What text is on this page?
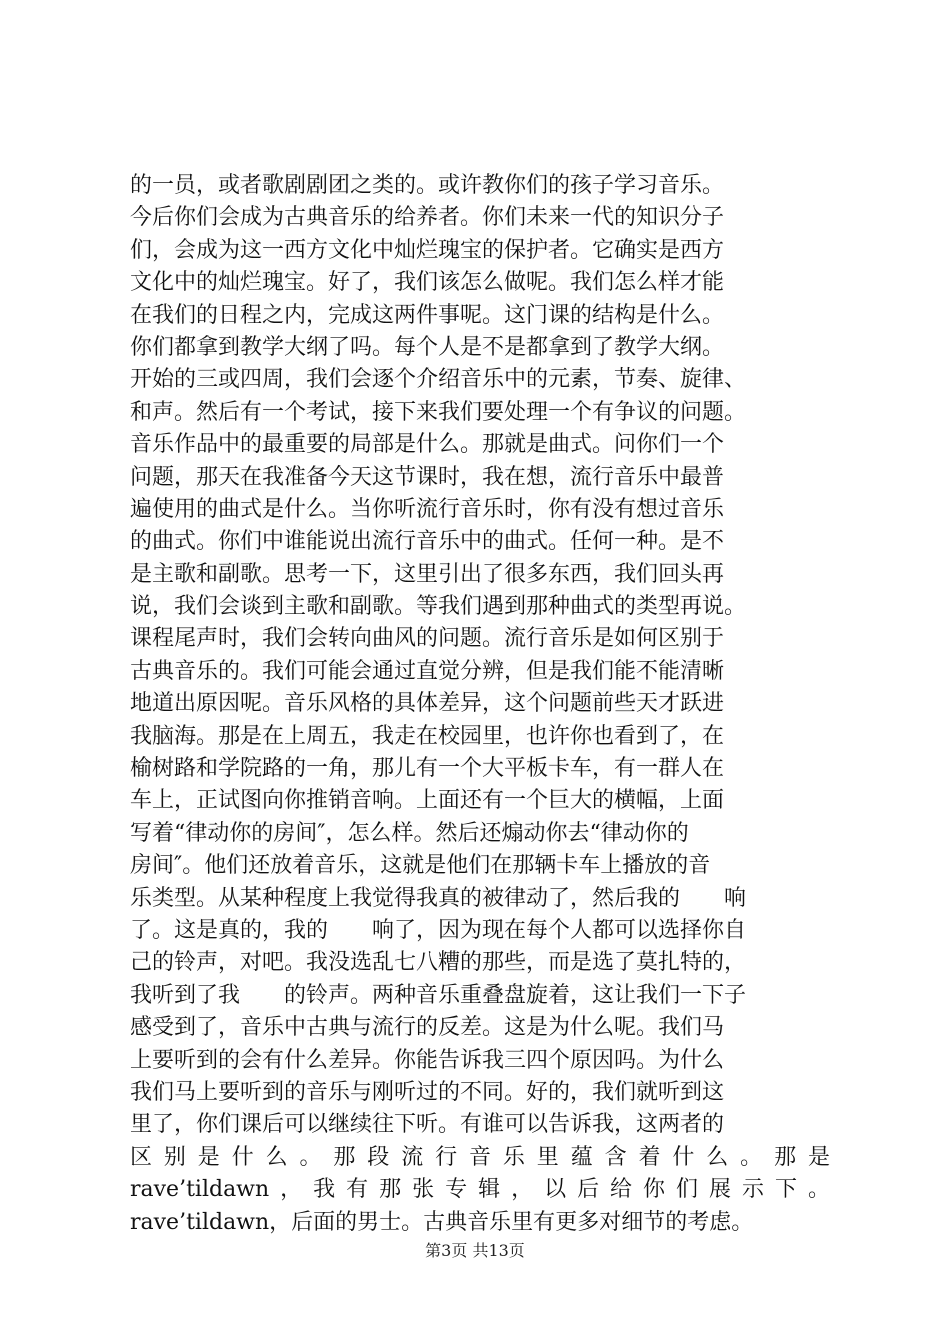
的一员，或者歌剧剧团之类的。或许教你们的孩子学习音乐。
今后你们会成为古典音乐的给养者。你们未来一代的知识分子
们，会成为这一西方文化中灿烂瑰宝的保护者。它确实是西方
文化中的灿烂瑰宝。好了，我们该怎么做呢。我们怎么样才能
在我们的日程之内，完成这两件事呢。这门课的结构是什么。
你们都拿到教学大纲了吗。每个人是不是都拿到了教学大纲。
开始的三或四周，我们会逐个介绍音乐中的元素，节奏、旋律、
和声。然后有一个考试，接下来我们要处理一个有争议的问题。
音乐作品中的最重要的局部是什么。那就是曲式。问你们一个
问题，那天在我准备今天这节课时，我在想，流行音乐中最普
遍使用的曲式是什么。当你听流行音乐时，你有没有想过音乐
的曲式。你们中谁能说出流行音乐中的曲式。任何一种。是不
是主歌和副歌。思考一下，这里引出了很多东西，我们回头再
说，我们会谈到主歌和副歌。等我们遇到那种曲式的类型再说。
课程尾声时，我们会转向曲风的问题。流行音乐是如何区别于
古典音乐的。我们可能会通过直觉分辨，但是我们能不能清晰
地道出原因呢。音乐风格的具体差异，这个问题前些天才跃进
我脑海。那是在上周五，我走在校园里，也许你也看到了，在
榆树路和学院路的一角，那儿有一个大平板卡车，有一群人在
车上，正试图向你推销音响。上面还有一个巨大的横幅，上面
写着“律动你的房间″，怎么样。然后还煽动你去“律动你的
房间″。他们还放着音乐，这就是他们在那辆卡车上播放的音
乐类型。从某种程度上我觉得我真的被律动了，然后我的　　响
了。这是真的，我的　　响了，因为现在每个人都可以选择你自
己的铃声，对吧。我没选乱七八糟的那些，而是选了莫扎特的，
我听到了我　　的铃声。两种音乐重叠盘旋着，这让我们一下子
感受到了，音乐中古典与流行的反差。这是为什么呢。我们马
上要听到的会有什么差异。你能告诉我三四个原因吗。为什么
我们马上要听到的音乐与刚听过的不同。好的，我们就听到这
里了，你们课后可以继续往下听。有谁可以告诉我，这两者的
区别是什么。那段流行音乐里蕴含着什么。那是
rave’tildawn，我有那张专辑，以后给你们展示下。
rave’tildawn，后面的男士。古典音乐里有更多对细节的考虑。
第3页 共13页
